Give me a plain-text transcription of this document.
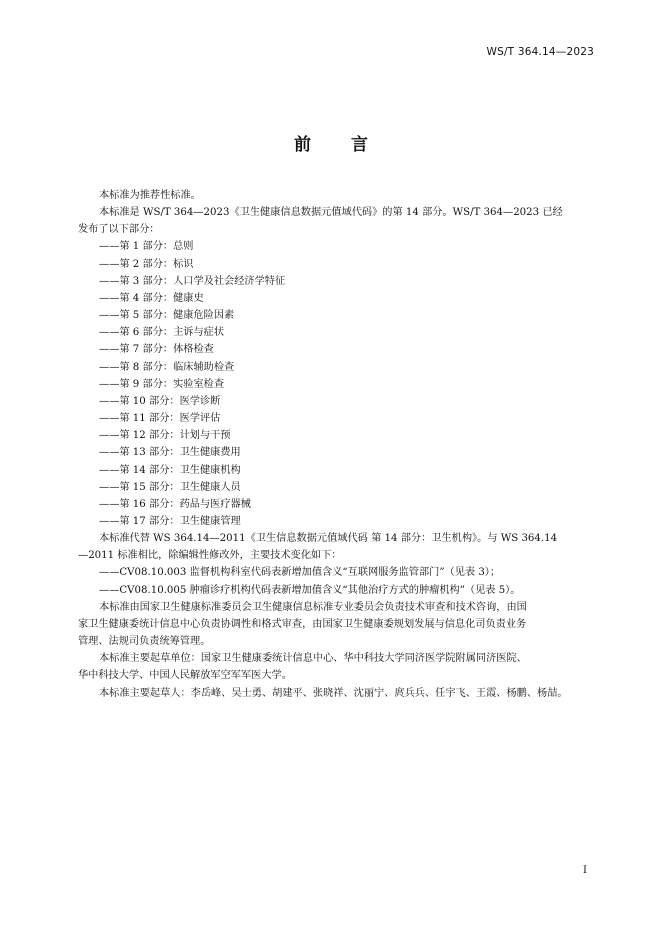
WS/T 364.14—2023
前 言

本标准为推荐性标准。

本标准是 WS/T 364—2023《卫生健康信息数据元值域代码》的第 14 部分。WS/T 364—2023 已经

发布了以下部分：

——第 1 部分：总则

——第 2 部分：标识

——第 3 部分：人口学及社会经济学特征

——第 4 部分：健康史

——第 5 部分：健康危险因素

——第 6 部分：主诉与症状

——第 7 部分：体格检查

——第 8 部分：临床辅助检查

——第 9 部分：实验室检查

——第 10 部分：医学诊断

——第 11 部分：医学评估

——第 12 部分：计划与干预

——第 13 部分：卫生健康费用

——第 14 部分：卫生健康机构

——第 15 部分：卫生健康人员

——第 16 部分：药品与医疗器械

——第 17 部分：卫生健康管理

本标准代替 WS 364.14—2011《卫生信息数据元值域代码 第 14 部分：卫生机构》。与 WS 364.14

—2011 标准相比，除编辑性修改外，主要技术变化如下：

——CV08.10.003 监督机构科室代码表新增加值含义“互联网服务监管部门”（见表 3）；

——CV08.10.005 肿瘤诊疗机构代码表新增加值含义“其他治疗方式的肿瘤机构”（见表 5）。

本标准由国家卫生健康标准委员会卫生健康信息标准专业委员会负责技术审查和技术咨询，由国

家卫生健康委统计信息中心负责协调性和格式审查，由国家卫生健康委规划发展与信息化司负责业务

管理、法规司负责统筹管理。

本标准主要起草单位：国家卫生健康委统计信息中心、华中科技大学同济医学院附属同济医院、

华中科技大学、中国人民解放军空军军医大学。

本标准主要起草人：李岳峰、吴士勇、胡建平、张晓祥、沈丽宁、庹兵兵、任宇飞、王霞、杨鹏、杨喆。

I
